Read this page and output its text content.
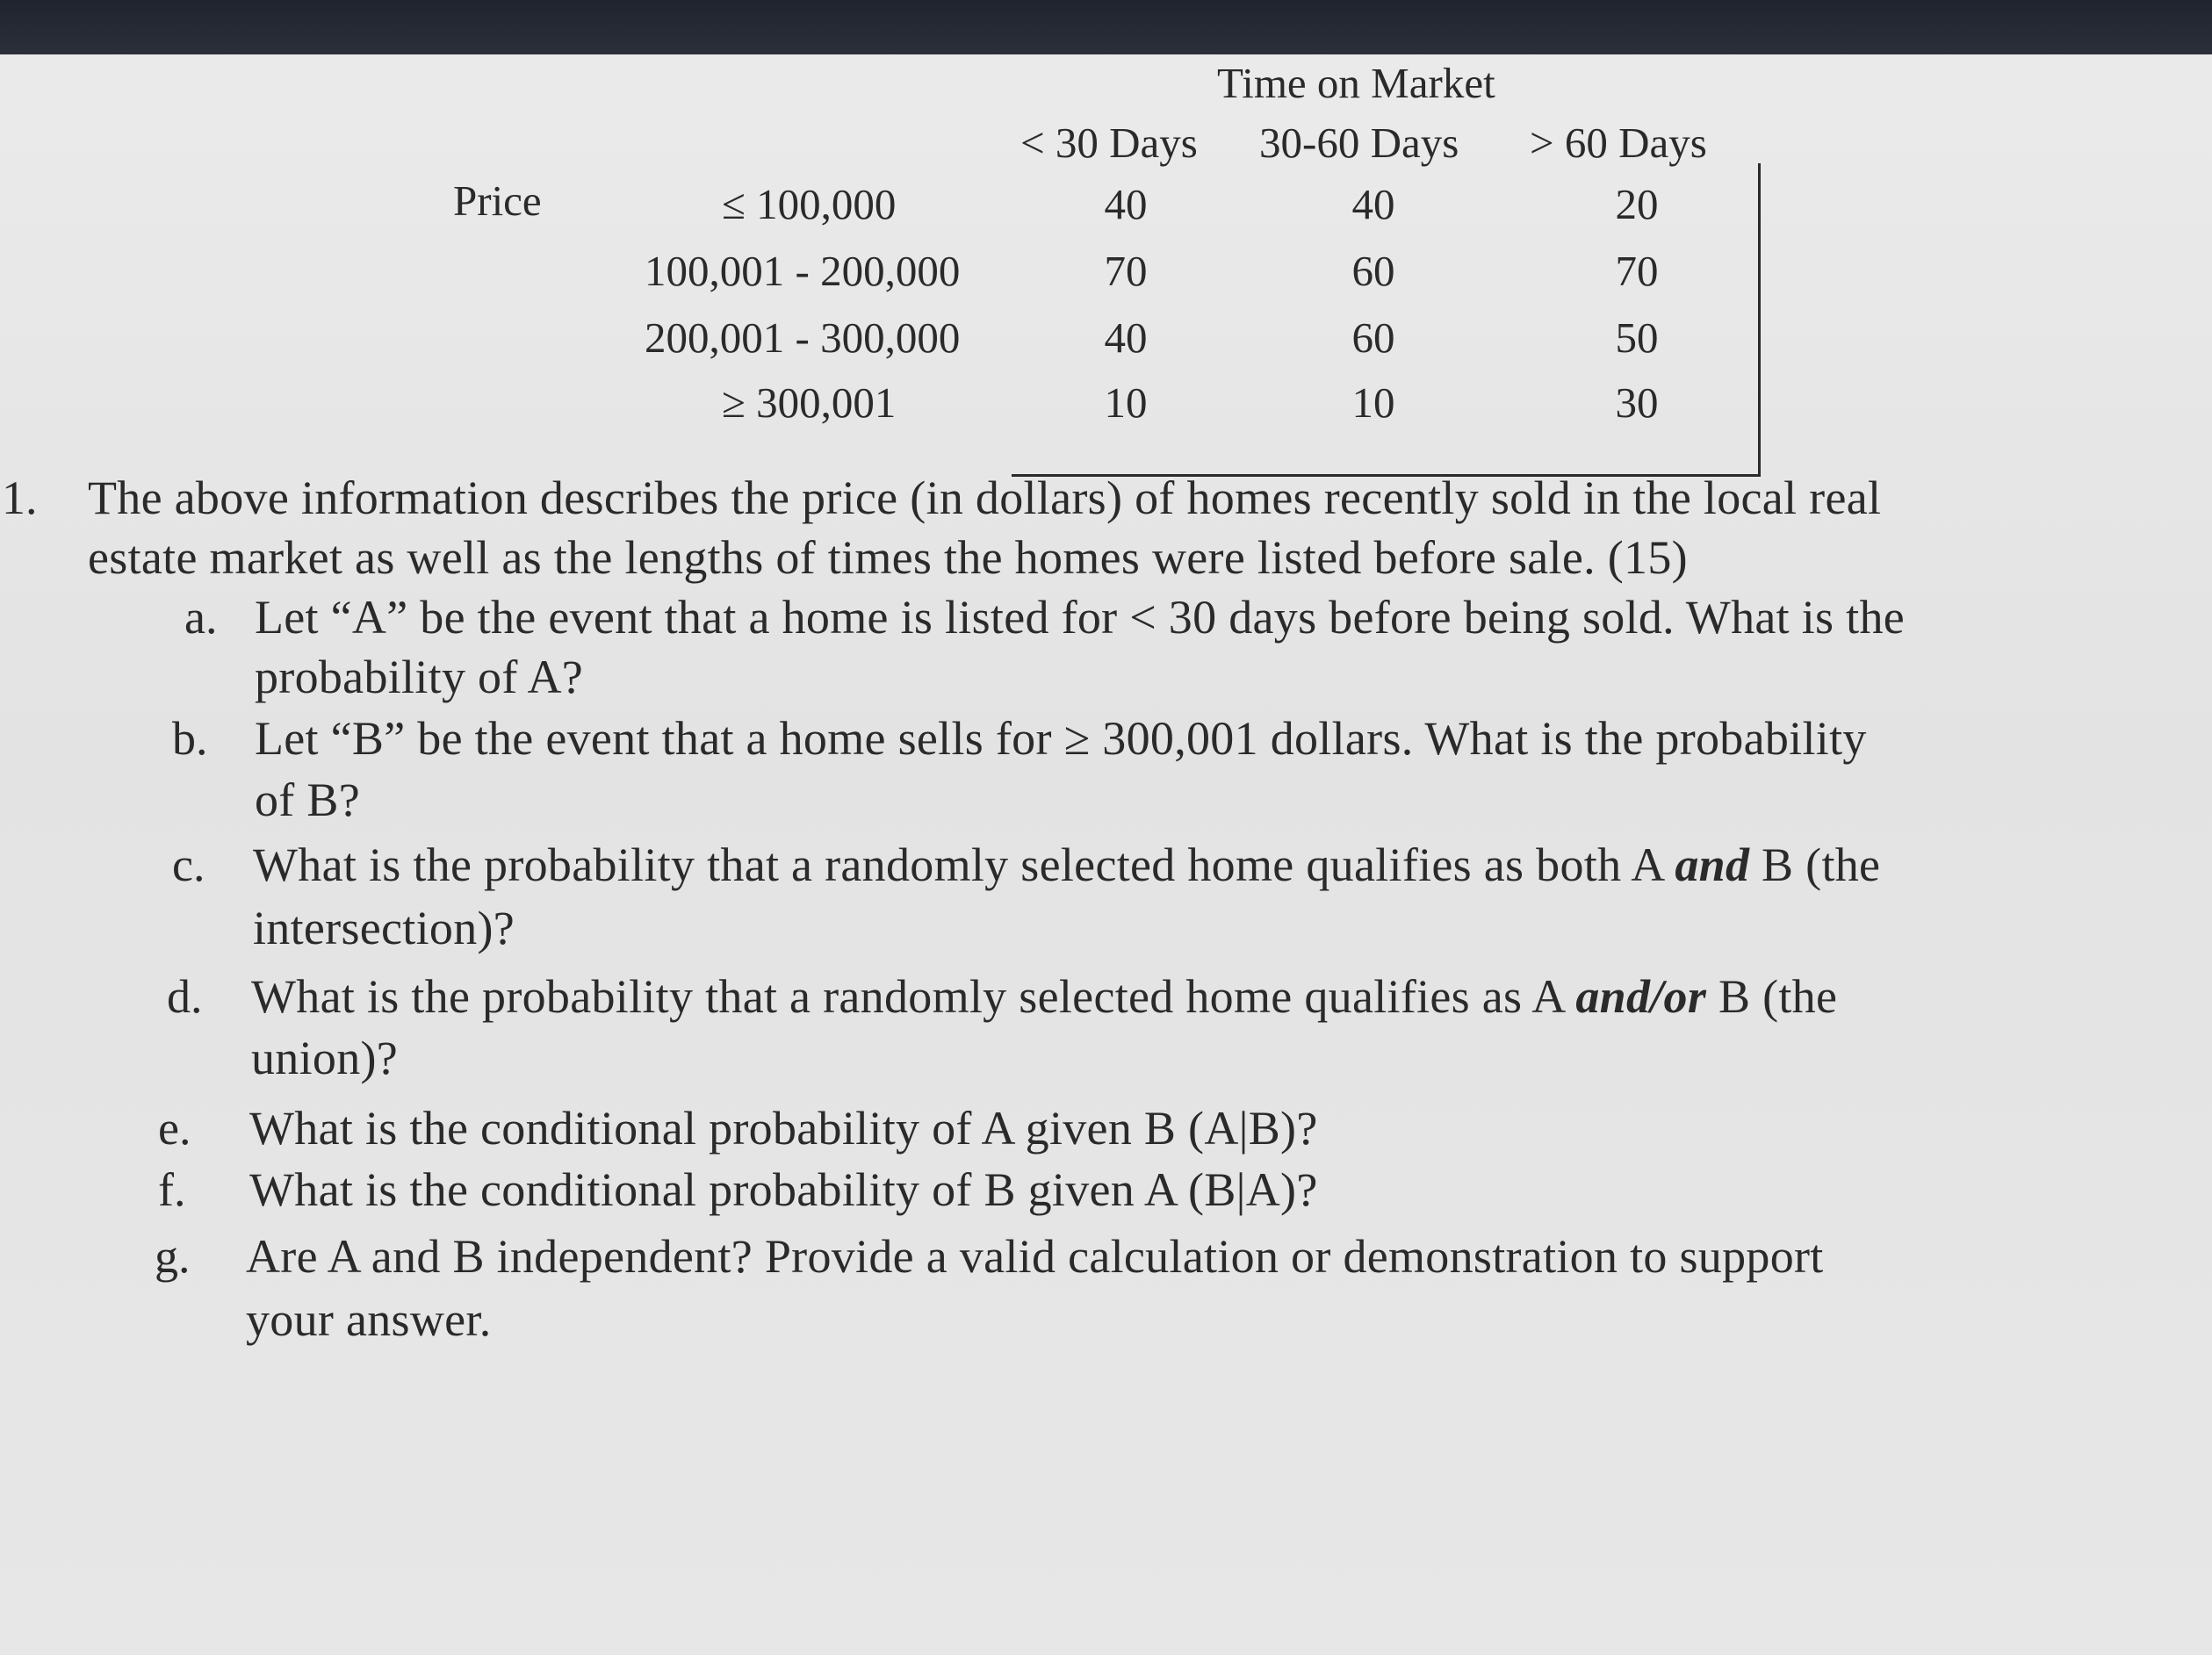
Time on Market
< 30 Days 30-60 Days > 60 Days
Price	≤ 100,000	40	40	20
100,001 - 200,000	70	60	70
200,001 - 300,000	40	60	50
≥ 300,001	10	10	30
1. The above information describes the price (in dollars) of homes recently sold in the local real
estate market as well as the lengths of times the homes were listed before sale. (15)
a. Let “A” be the event that a home is listed for < 30 days before being sold. What is the
probability of A?
b. Let “B” be the event that a home sells for ≥ 300,001 dollars. What is the probability
of B?
c. What is the probability that a randomly selected home qualifies as both A and B (the
intersection)?
d. What is the probability that a randomly selected home qualifies as A and/or B (the
union)?
e. What is the conditional probability of A given B (A|B)?
f. What is the conditional probability of B given A (B|A)?
g. Are A and B independent? Provide a valid calculation or demonstration to support
your answer.
